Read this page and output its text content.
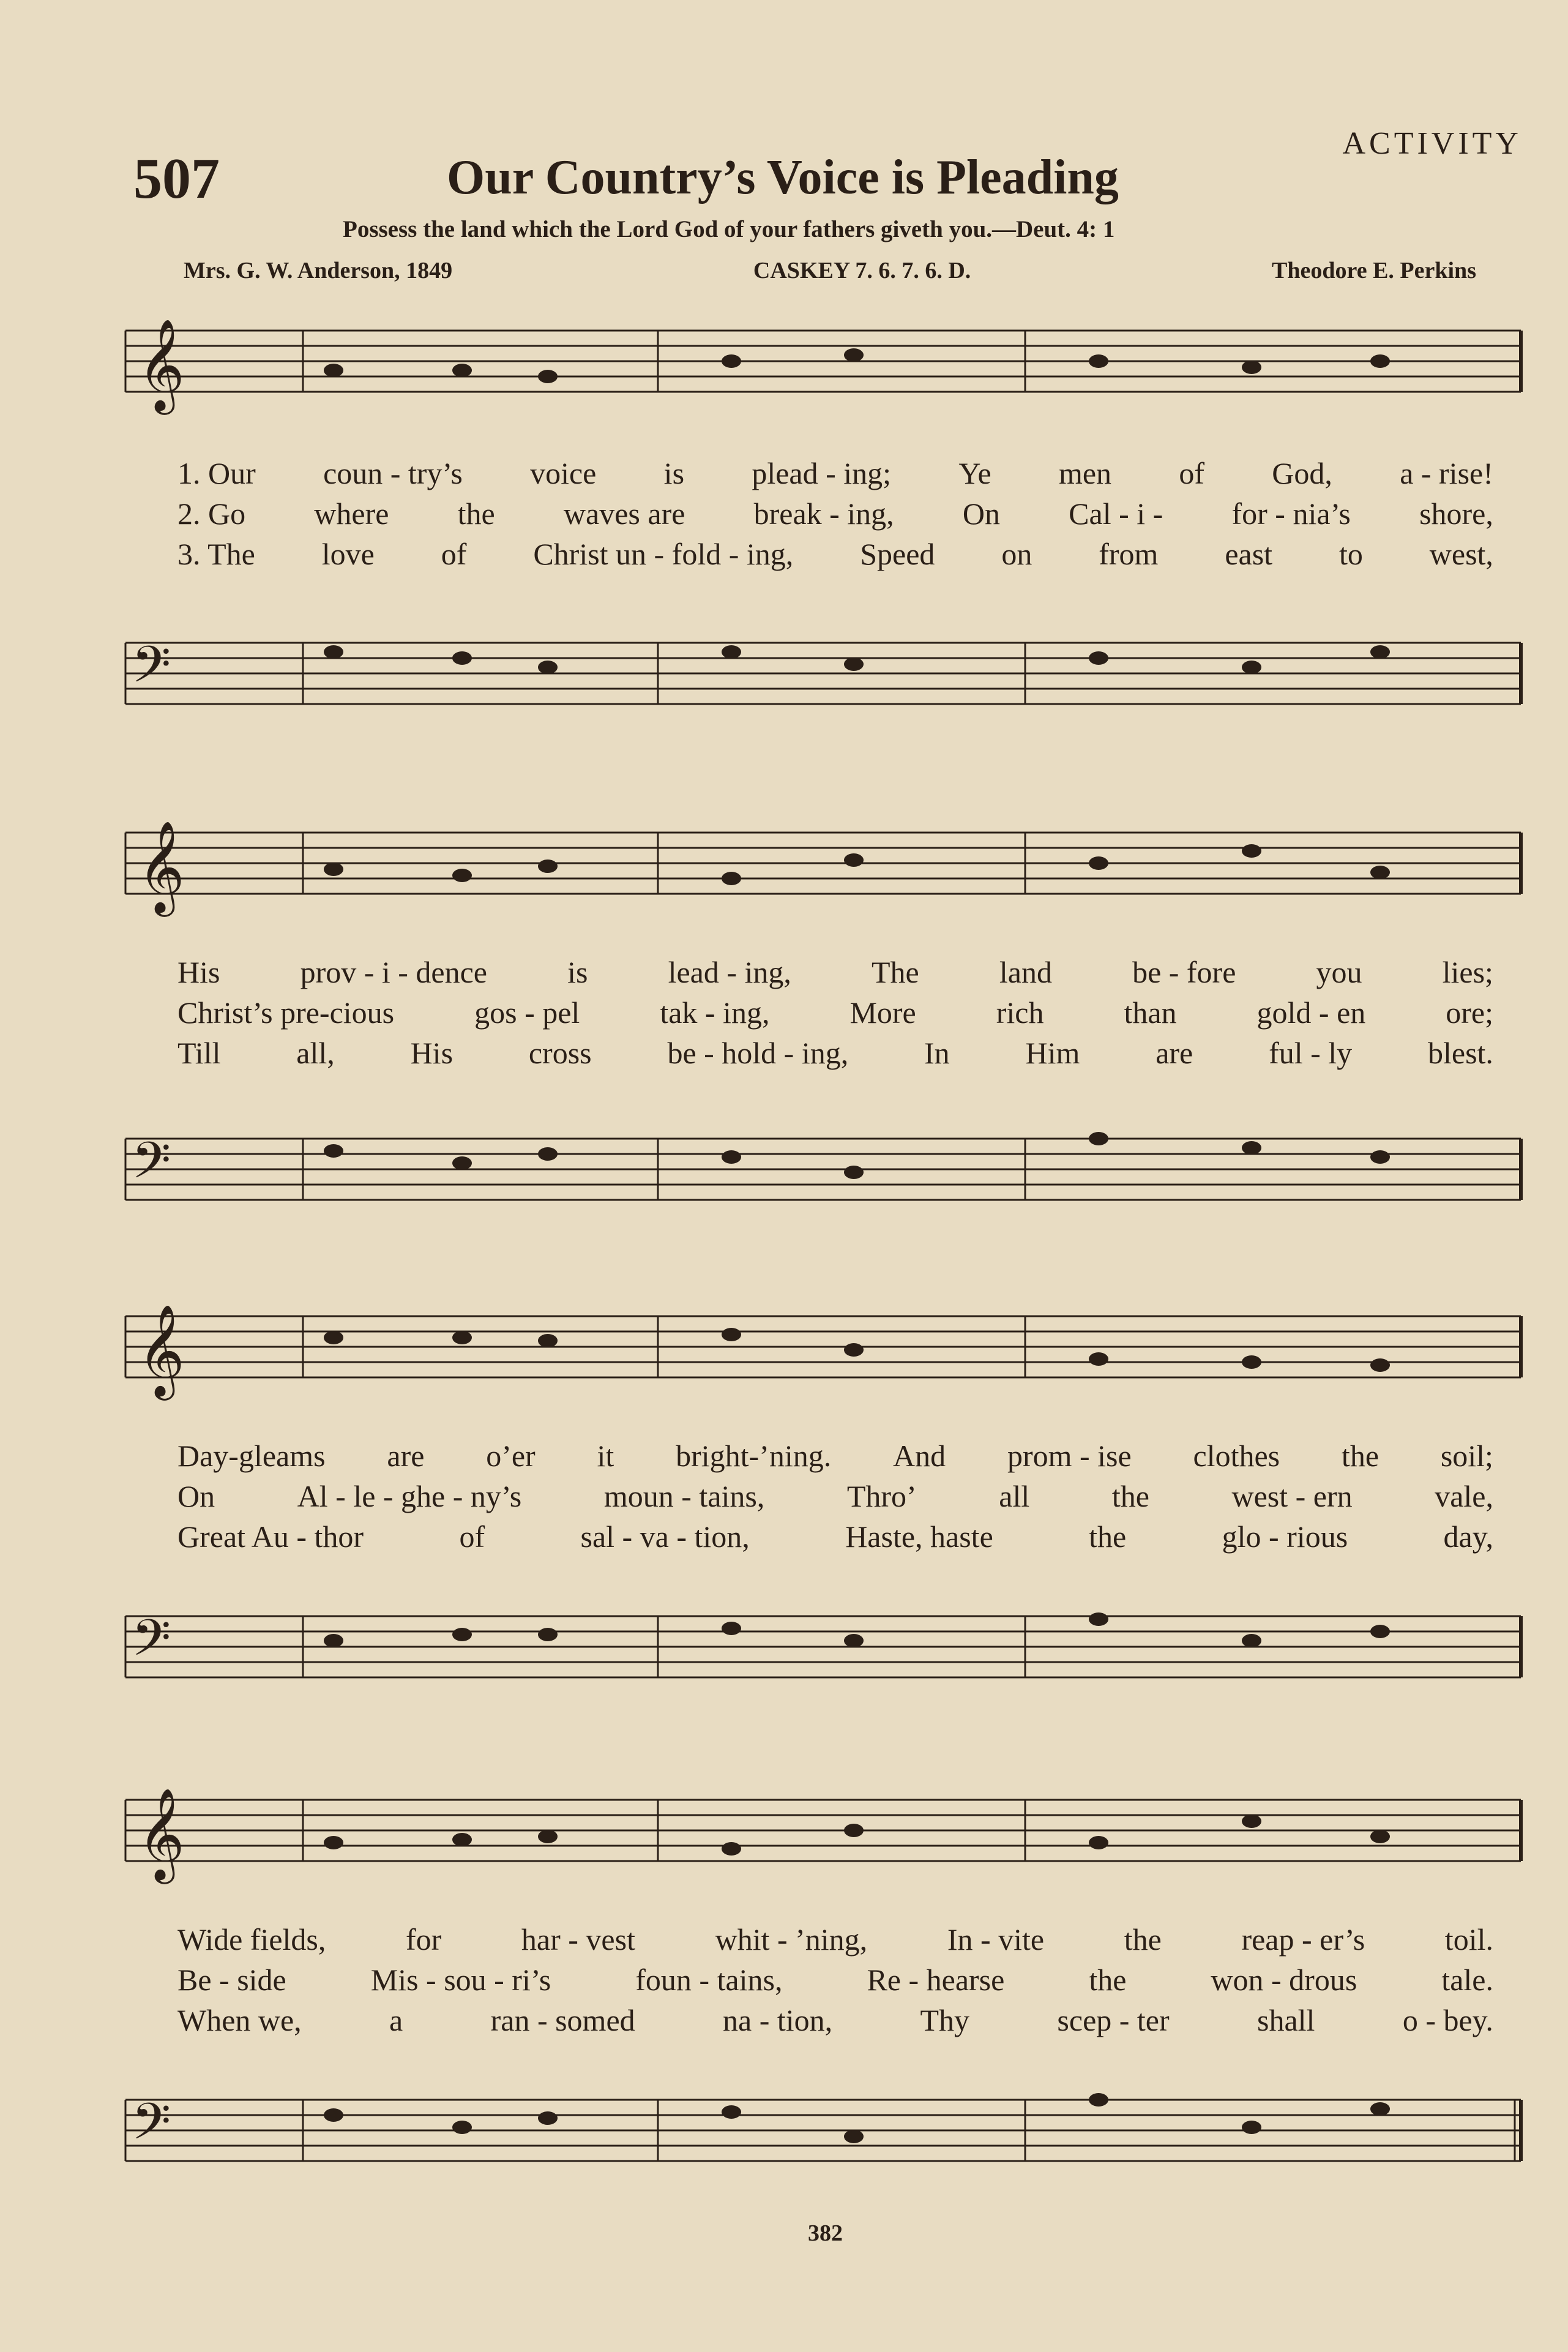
507	Our Country’s Voice is Pleading
ACTIVITY
Possess the land which the Lord God of your fathers giveth you.—Deut. 4: 1
Mrs. G. W. Anderson, 1849	CASKEY 7. 6. 7. 6. D.	Theodore E. Perkins
𝄞
1. Our coun - try’s voice is plead - ing; Ye men of God, a - rise!
2. Go where the waves are break - ing, On Cal - i - for - nia’s shore,
3. The love of Christ un - fold - ing, Speed on from east to west,
𝄢
𝄞
His	prov - i - dence	is	lead - ing,	The	land	be - fore	you	lies;
Christ’s pre-cious	gos - pel	tak - ing,	More	rich	than	gold - en	ore;
Till all, His cross be - hold - ing, In Him are ful - ly blest.
𝄢
𝄞
Day-gleams are o’er it bright-’ning. And prom - ise clothes the soil;
On	Al - le - ghe - ny’s	moun - tains,	Thro’	all	the	west - ern	vale,
Great Au - thor	of	sal - va - tion,	Haste, haste	the	glo - rious	day,
𝄢
𝄞
Wide fields,	for	har - vest	whit - ’ning,	In - vite	the	reap - er’s	toil.
Be - side	Mis - sou - ri’s	foun - tains,	Re - hearse	the	won - drous	tale.
When we,	a	ran - somed	na - tion,	Thy	scep - ter	shall	o - bey.
𝄢
382
